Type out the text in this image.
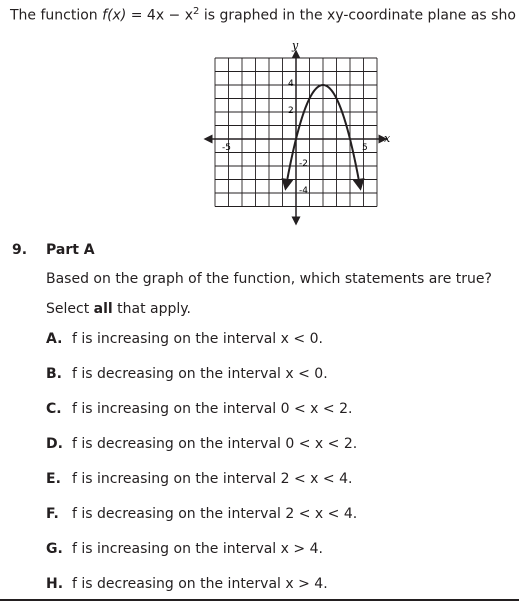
The function $f(x) = 4x - x^2$ is graphed in the xy-coordinate plane as sho
x
y
-5	5
4
2
-2
-4
9. Part A
Based on the graph of the function, which statements are true?
Select all that apply.
A. f is increasing on the interval x < 0.
B. f is decreasing on the interval x < 0.
C. f is increasing on the interval 0 < x < 2.
D. f is decreasing on the interval 0 < x < 2.
E. f is increasing on the interval 2 < x < 4.
F. f is decreasing on the interval 2 < x < 4.
G. f is increasing on the interval x > 4.
H. f is decreasing on the interval x > 4.
